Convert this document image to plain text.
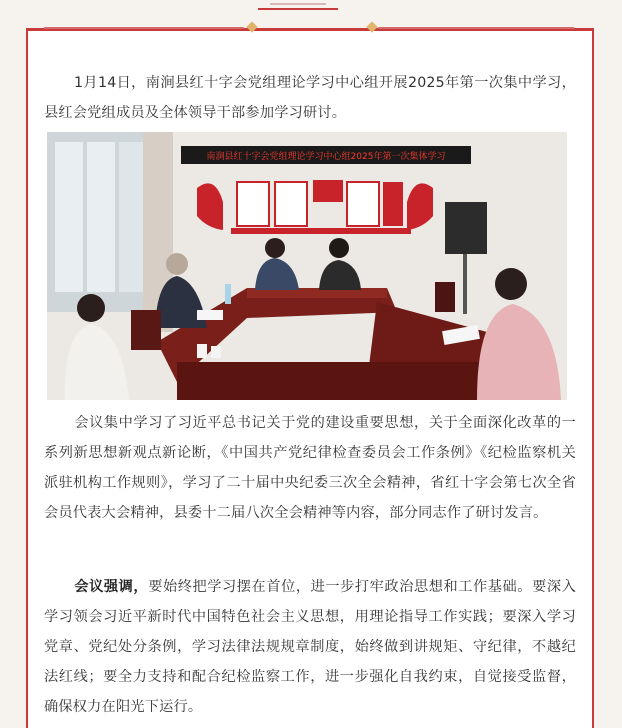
1月14日，南涧县红十字会党组理论学习中心组开展2025年第一次集中学习，县红会党组成员及全体领导干部参加学习研讨。

南涧县红十字会党组理论学习中心组2025年第一次集体学习

会议集中学习了习近平总书记关于党的建设重要思想，关于全面深化改革的一系列新思想新观点新论断，《中国共产党纪律检查委员会工作条例》《纪检监察机关派驻机构工作规则》，学习了二十届中央纪委三次全会精神，省红十字会第七次全省会员代表大会精神，县委十二届八次全会精神等内容，部分同志作了研讨发言。

会议强调，要始终把学习摆在首位，进一步打牢政治思想和工作基础。要深入学习领会习近平新时代中国特色社会主义思想，用理论指导工作实践；要深入学习党章、党纪处分条例，学习法律法规规章制度，始终做到讲规矩、守纪律，不越纪法红线；要全力支持和配合纪检监察工作，进一步强化自我约束，自觉接受监督，确保权力在阳光下运行。
